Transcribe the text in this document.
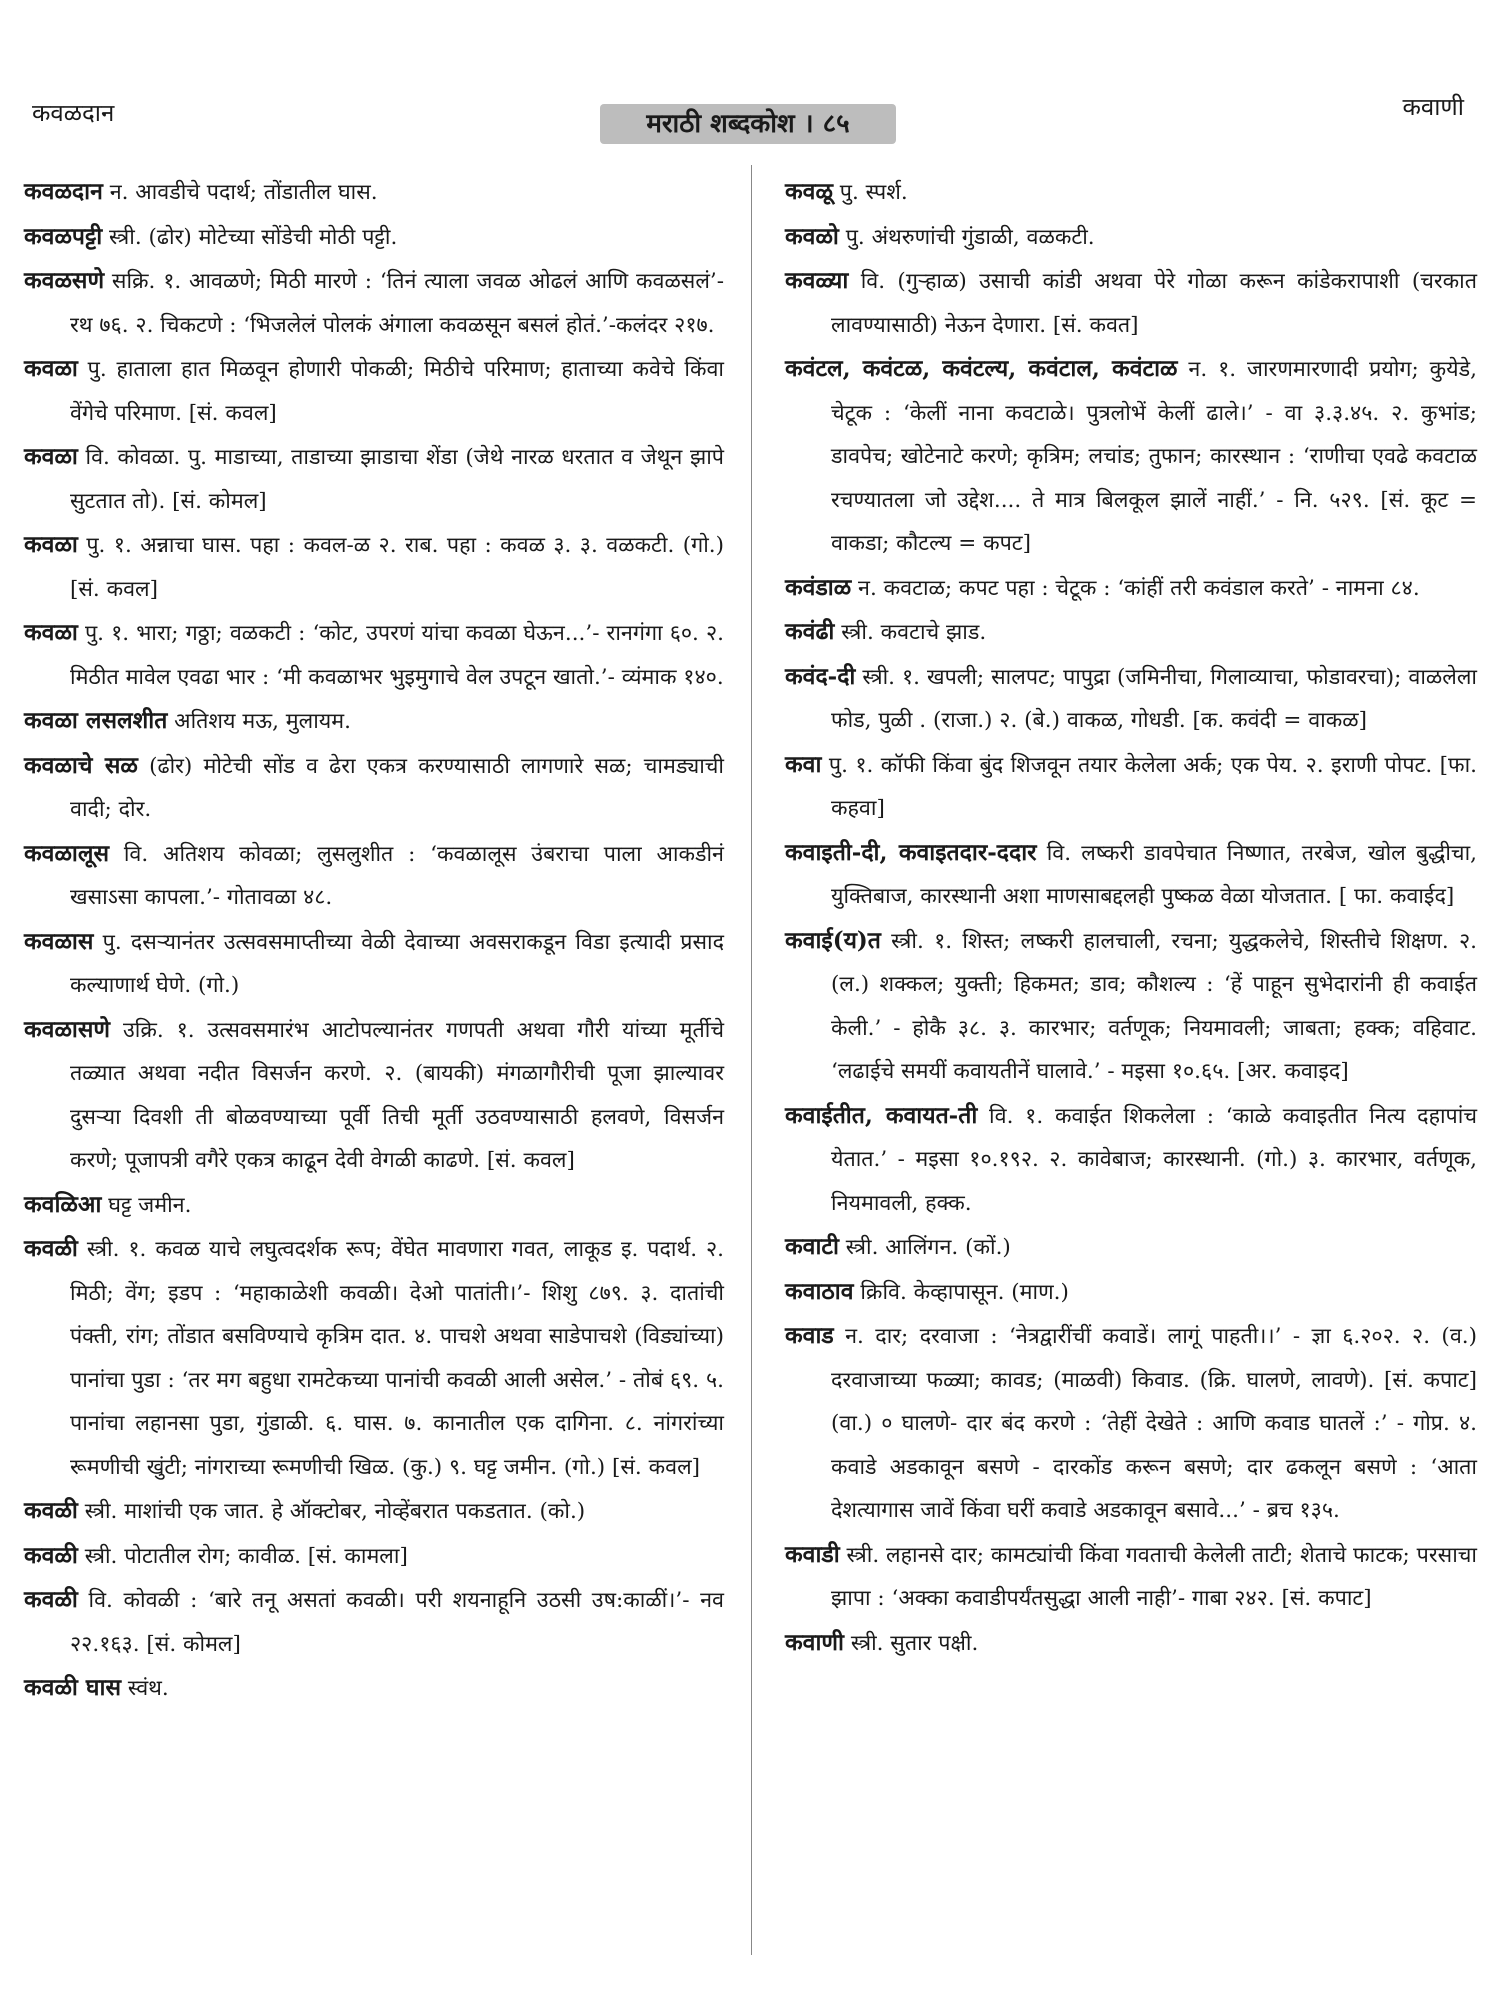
कवळदान	मराठी शब्दकोश । ८५
कवाणी

कवळदान न. आवडीचे पदार्थ; तोंडातील घास.

कवळपट्टी स्त्री. (ढोर) मोटेच्या सोंडेची मोठी पट्टी.

कवळसणे सक्रि. १. आवळणे; मिठी मारणे : ‘तिनं त्याला जवळ ओढलं आणि कवळसलं’- रथ ७६. २. चिकटणे : ‘भिजलेलं पोलकं अंगाला कवळसून बसलं होतं.’-कलंदर २१७.

कवळा पु. हाताला हात मिळवून होणारी पोकळी; मिठीचे परिमाण; हाताच्या कवेचे किंवा वेंगेचे परिमाण. [सं. कवल]

कवळा वि. कोवळा. पु. माडाच्या, ताडाच्या झाडाचा शेंडा (जेथे नारळ धरतात व जेथून झापे सुटतात तो). [सं. कोमल]

कवळा पु. १. अन्नाचा घास. पहा : कवल-ळ २. राब. पहा : कवळ ३. ३. वळकटी. (गो.) [सं. कवल]

कवळा पु. १. भारा; गठ्ठा; वळकटी : ‘कोट, उपरणं यांचा कवळा घेऊन...’- रानगंगा ६०. २. मिठीत मावेल एवढा भार : ‘मी कवळाभर भुइमुगाचे वेल उपटून खातो.’- व्यंमाक १४०.

कवळा लसलशीत अतिशय मऊ, मुलायम.

कवळाचे सळ (ढोर) मोटेची सोंड व ढेरा एकत्र करण्यासाठी लागणारे सळ; चामड्याची वादी; दोर.

कवळालूस वि. अतिशय कोवळा; लुसलुशीत : ‘कवळालूस उंबराचा पाला आकडीनं खसाऽसा कापला.’- गोतावळा ४८.

कवळास पु. दसऱ्यानंतर उत्सवसमाप्तीच्या वेळी देवाच्या अवसराकडून विडा इत्यादी प्रसाद कल्याणार्थ घेणे. (गो.)

कवळासणे उक्रि. १. उत्सवसमारंभ आटोपल्यानंतर गणपती अथवा गौरी यांच्या मूर्तीचे तळ्यात अथवा नदीत विसर्जन करणे. २. (बायकी) मंगळागौरीची पूजा झाल्यावर दुसऱ्या दिवशी ती बोळवण्याच्या पूर्वी तिची मूर्ती उठवण्यासाठी हलवणे, विसर्जन करणे; पूजापत्री वगैरे एकत्र काढून देवी वेगळी काढणे. [सं. कवल]

कवळिआ घट्ट जमीन.

कवळी स्त्री. १. कवळ याचे लघुत्वदर्शक रूप; वेंघेत मावणारा गवत, लाकूड इ. पदार्थ. २. मिठी; वेंग; इडप : ‘महाकाळेशी कवळी। देओ पातांती।’- शिशु ८७९. ३. दातांची पंक्ती, रांग; तोंडात बसविण्याचे कृत्रिम दात. ४. पाचशे अथवा साडेपाचशे (विड्यांच्या) पानांचा पुडा : ‘तर मग बहुधा रामटेकच्या पानांची कवळी आली असेल.’ - तोबं ६९. ५. पानांचा लहानसा पुडा, गुंडाळी. ६. घास. ७. कानातील एक दागिना. ८. नांगरांच्या रूमणीची खुंटी; नांगराच्या रूमणीची खिळ. (कु.) ९. घट्ट जमीन. (गो.) [सं. कवल]

कवळी स्त्री. माशांची एक जात. हे ऑक्टोबर, नोव्हेंबरात पकडतात. (को.)

कवळी स्त्री. पोटातील रोग; कावीळ. [सं. कामला]

कवळी वि. कोवळी : ‘बारे तनू असतां कवळी। परी शयनाहूनि उठसी उष:काळीं।’- नव २२.१६३. [सं. कोमल]

कवळी घास स्वंथ.

कवळू पु. स्पर्श.

कवळो पु. अंथरुणांची गुंडाळी, वळकटी.

कवळ्या वि. (गुऱ्हाळ) उसाची कांडी अथवा पेरे गोळा करून कांडेकरापाशी (चरकात लावण्यासाठी) नेऊन देणारा. [सं. कवत]

कवंटल, कवंटळ, कवंटल्य, कवंटाल, कवंटाळ न. १. जारणमारणादी प्रयोग; कुयेडे, चेटूक : ‘केलीं नाना कवटाळे। पुत्रलोभें केलीं ढाले।’ - वा ३.३.४५. २. कुभांड; डावपेच; खोटेनाटे करणे; कृत्रिम; लचांड; तुफान; कारस्थान : ‘राणीचा एवढे कवटाळ रचण्यातला जो उद्देश.... ते मात्र बिलकूल झालें नाहीं.’ - नि. ५२९. [सं. कूट = वाकडा; कौटल्य = कपट]

कवंडाळ न. कवटाळ; कपट पहा : चेटूक : ‘कांहीं तरी कवंडाल करते’ - नामना ८४.

कवंढी स्त्री. कवटाचे झाड.

कवंद-दी स्त्री. १. खपली; सालपट; पापुद्रा (जमिनीचा, गिलाव्याचा, फोडावरचा); वाळलेला फोड, पुळी . (राजा.) २. (बे.) वाकळ, गोधडी. [क. कवंदी = वाकळ]

कवा पु. १. कॉफी किंवा बुंद शिजवून तयार केलेला अर्क; एक पेय. २. इराणी पोपट. [फा. कहवा]

कवाइती-दी, कवाइतदार-ददार वि. लष्करी डावपेचात निष्णात, तरबेज, खोल बुद्धीचा, युक्तिबाज, कारस्थानी अशा माणसाबद्दलही पुष्कळ वेळा योजतात. [ फा. कवाईद]

कवाई(य)त स्त्री. १. शिस्त; लष्करी हालचाली, रचना; युद्धकलेचे, शिस्तीचे शिक्षण. २. (ल.) शक्कल; युक्ती; हिकमत; डाव; कौशल्य : ‘हें पाहून सुभेदारांनी ही कवाईत केली.’ - होकै ३८. ३. कारभार; वर्तणूक; नियमावली; जाबता; हक्क; वहिवाट. ‘लढाईचे समयीं कवायतीनें घालावे.’ - मइसा १०.६५. [अर. कवाइद]

कवाईतीत, कवायत-ती वि. १. कवाईत शिकलेला : ‘काळे कवाइतीत नित्य दहापांच येतात.’ - मइसा १०.१९२. २. कावेबाज; कारस्थानी. (गो.) ३. कारभार, वर्तणूक, नियमावली, हक्क.

कवाटी स्त्री. आलिंगन. (कों.)

कवाठाव क्रिवि. केव्हापासून. (माण.)

कवाड न. दार; दरवाजा : ‘नेत्रद्वारींचीं कवाडें। लागूं पाहती।।’ - ज्ञा ६.२०२. २. (व.) दरवाजाच्या फळ्या; कावड; (माळवी) किवाड. (क्रि. घालणे, लावणे). [सं. कपाट] (वा.) ० घालणे- दार बंद करणे : ‘तेहीं देखेते : आणि कवाड घातलें :’ - गोप्र. ४. कवाडे अडकावून बसणे - दारकोंड करून बसणे; दार ढकलून बसणे : ‘आता देशत्यागास जावें किंवा घरीं कवाडे अडकावून बसावे...’ - ब्रच १३५.

कवाडी स्त्री. लहानसे दार; कामट्यांची किंवा गवताची केलेली ताटी; शेताचे फाटक; परसाचा झापा : ‘अक्का कवाडीपर्यंतसुद्धा आली नाही’- गाबा २४२. [सं. कपाट]

कवाणी स्त्री. सुतार पक्षी.
